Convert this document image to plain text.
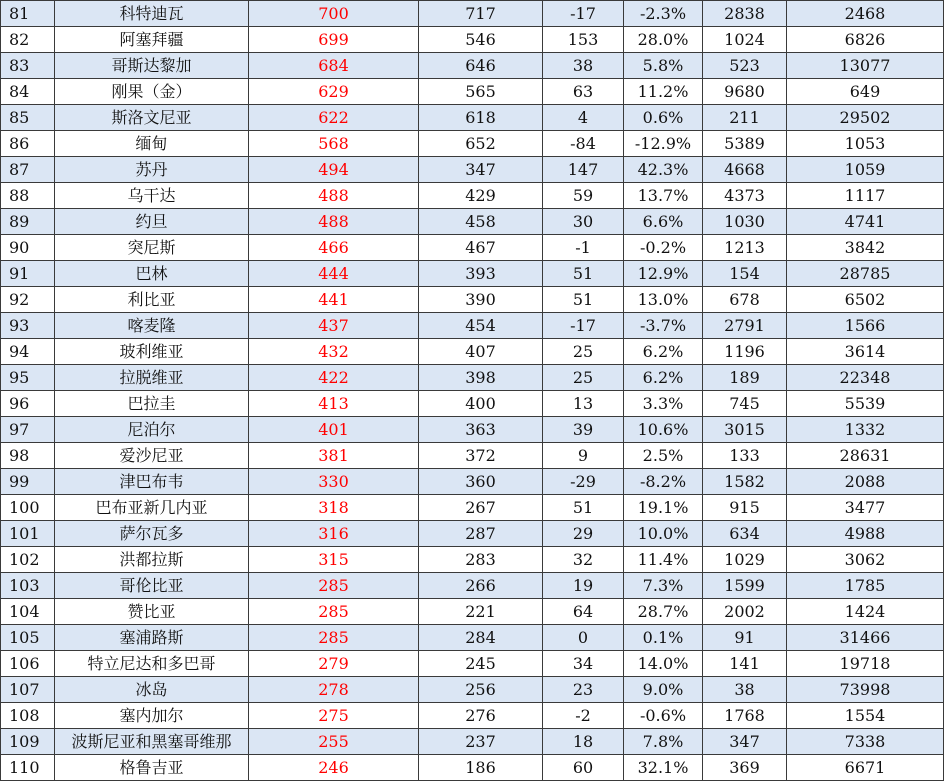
81	科特迪瓦	700	717	-17	-2.3%	2838	2468
82	阿塞拜疆	699	546	153	28.0%	1024	6826
83	哥斯达黎加	684	646	38	5.8%	523	13077
84	刚果（金）	629	565	63	11.2%	9680	649
85	斯洛文尼亚	622	618	4	0.6%	211	29502
86	缅甸	568	652	-84	-12.9%	5389	1053
87	苏丹	494	347	147	42.3%	4668	1059
88	乌干达	488	429	59	13.7%	4373	1117
89	约旦	488	458	30	6.6%	1030	4741
90	突尼斯	466	467	-1	-0.2%	1213	3842
91	巴林	444	393	51	12.9%	154	28785
92	利比亚	441	390	51	13.0%	678	6502
93	喀麦隆	437	454	-17	-3.7%	2791	1566
94	玻利维亚	432	407	25	6.2%	1196	3614
95	拉脱维亚	422	398	25	6.2%	189	22348
96	巴拉圭	413	400	13	3.3%	745	5539
97	尼泊尔	401	363	39	10.6%	3015	1332
98	爱沙尼亚	381	372	9	2.5%	133	28631
99	津巴布韦	330	360	-29	-8.2%	1582	2088
100	巴布亚新几内亚	318	267	51	19.1%	915	3477
101	萨尔瓦多	316	287	29	10.0%	634	4988
102	洪都拉斯	315	283	32	11.4%	1029	3062
103	哥伦比亚	285	266	19	7.3%	1599	1785
104	赞比亚	285	221	64	28.7%	2002	1424
105	塞浦路斯	285	284	0	0.1%	91	31466
106	特立尼达和多巴哥	279	245	34	14.0%	141	19718
107	冰岛	278	256	23	9.0%	38	73998
108	塞内加尔	275	276	-2	-0.6%	1768	1554
109	波斯尼亚和黑塞哥维那	255	237	18	7.8%	347	7338
110	格鲁吉亚	246	186	60	32.1%	369	6671
